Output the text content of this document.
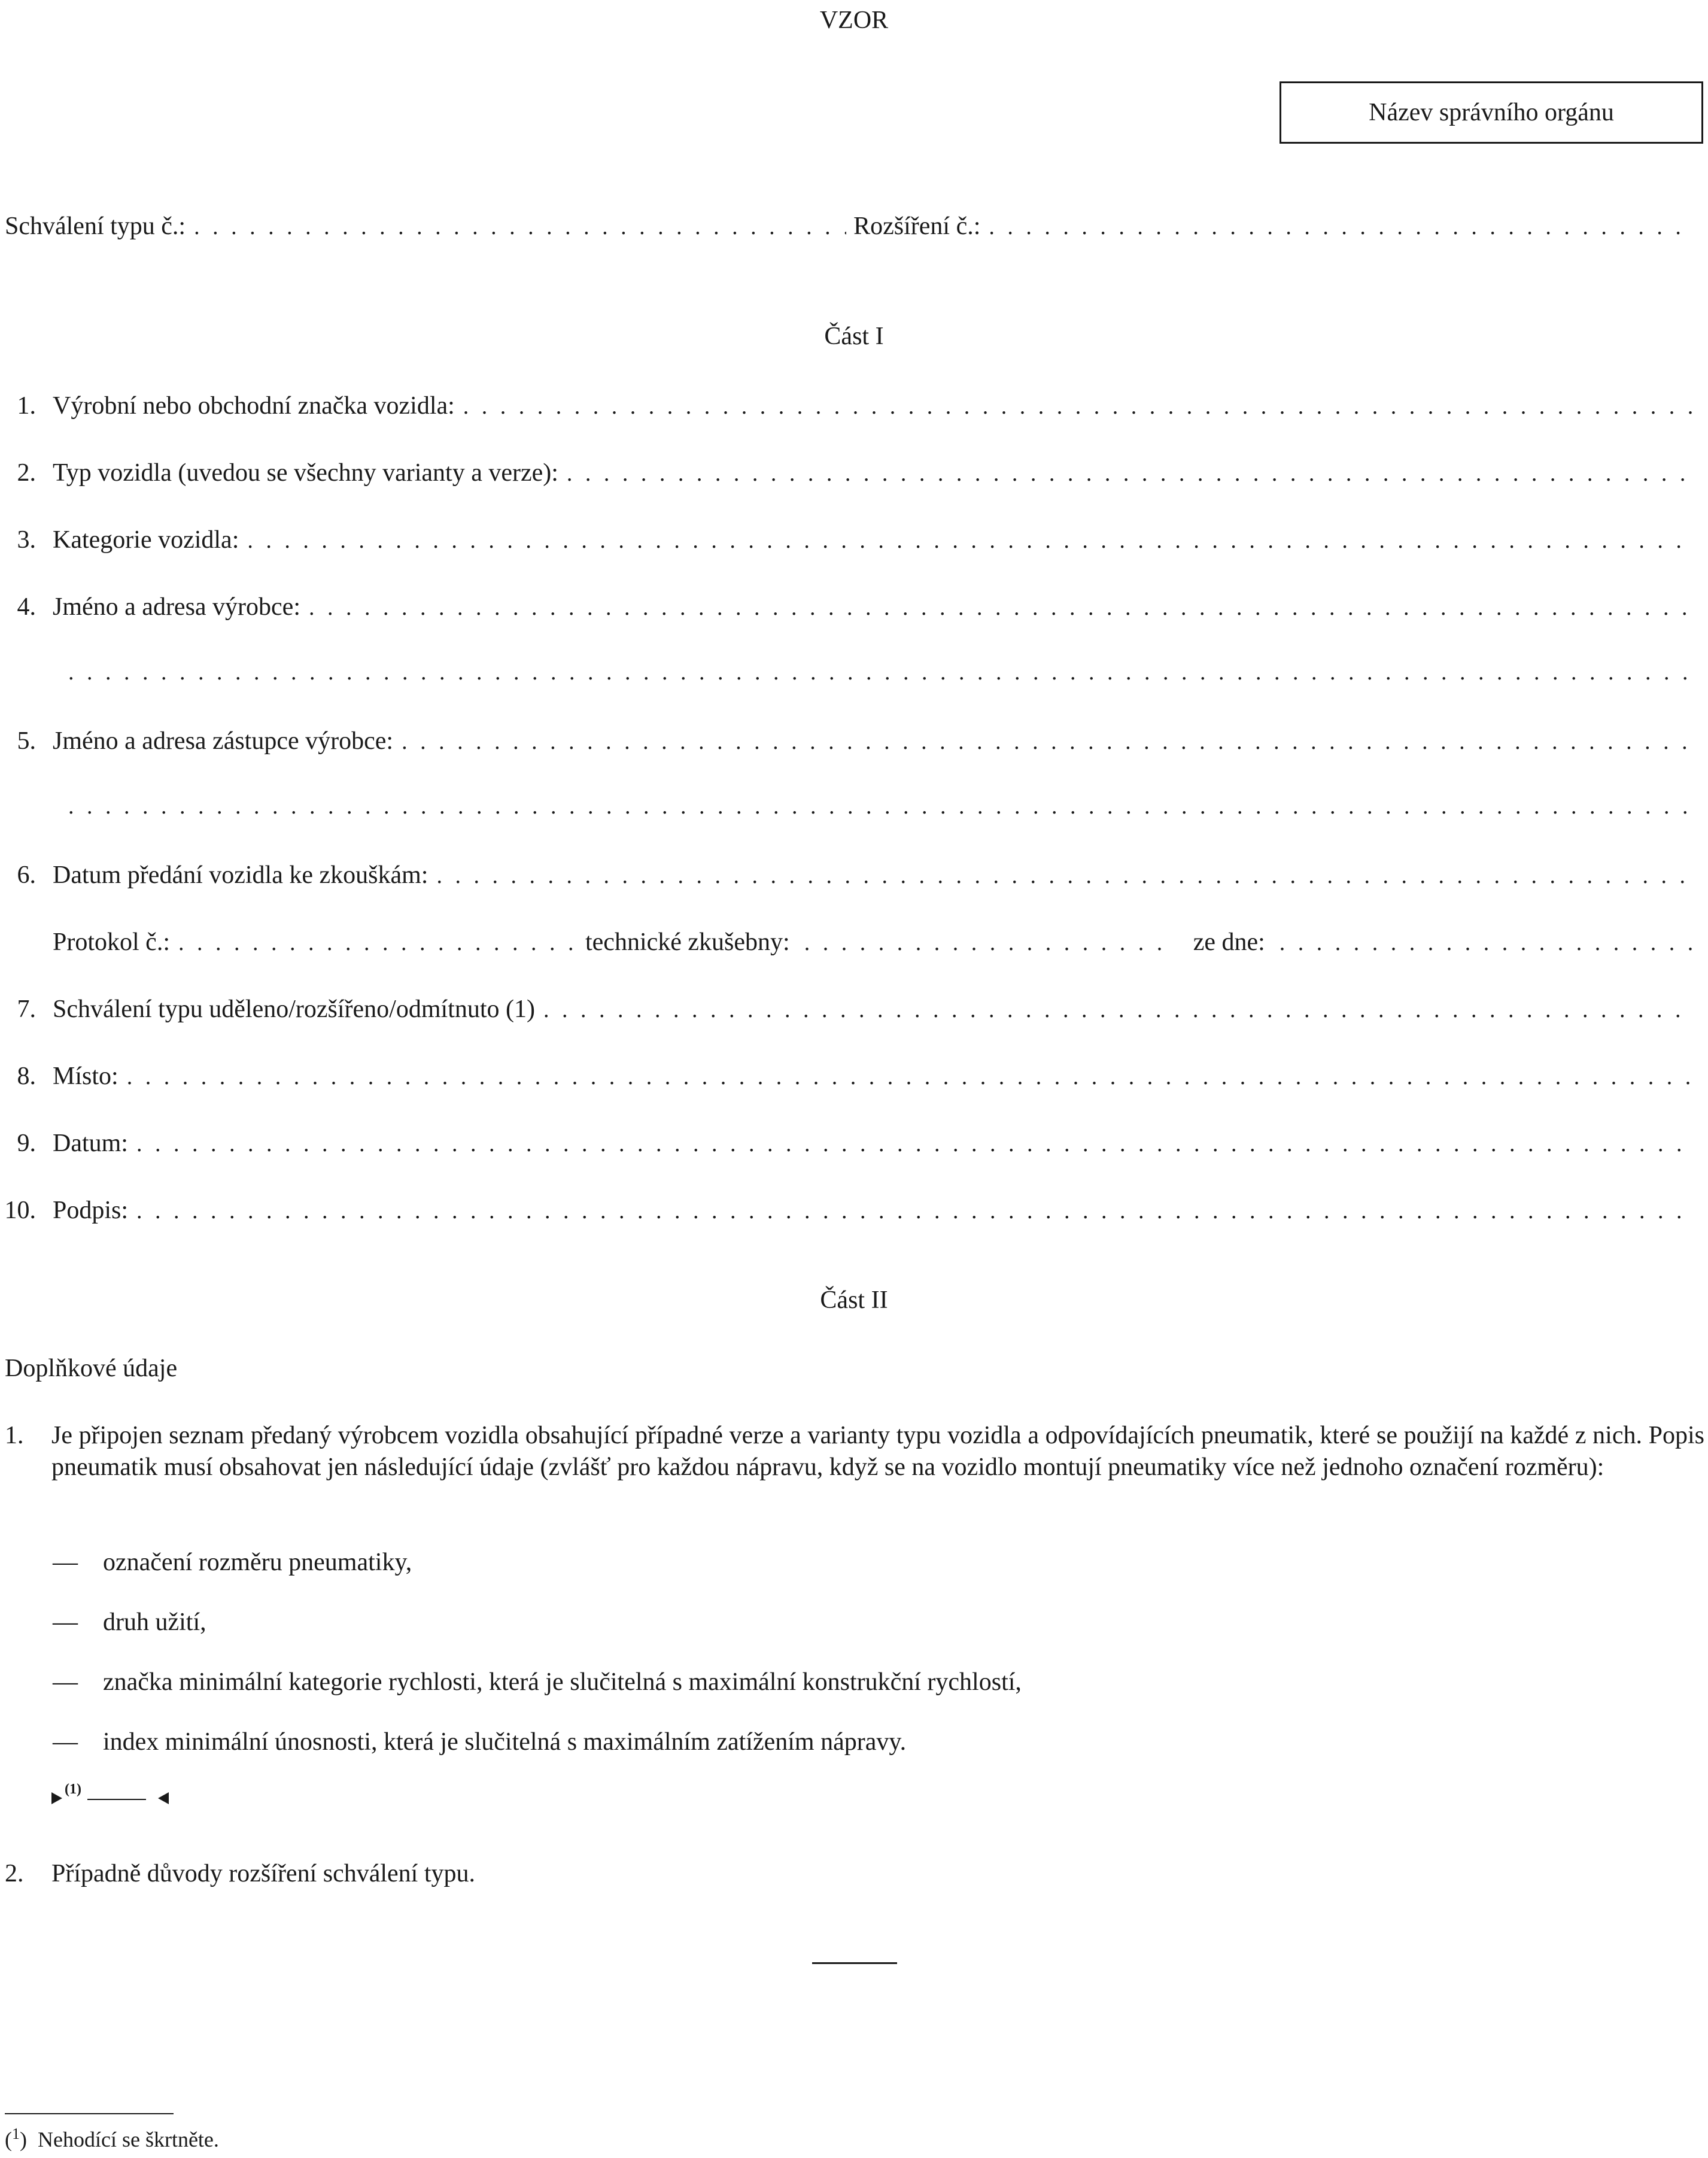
VZOR
Název správního orgánu
Schválení typu č.: . . .	Rozšíření č.:
. . .
Část I
1. Výrobní nebo obchodní značka vozidla:
. . .
2. Typ vozidla (uvedou se všechny varianty a verze):
. . .
3. Kategorie vozidla:
. . .
4. Jméno a adresa výrobce:
. . .
. . .
5. Jméno a adresa zástupce výrobce:
. . .
. . .
6. Datum předání vozidla ke zkouškám:
. . .
Protokol č.: . . .	technické zkušebny: . . .	ze dne:
. . .
7. Schválení typu uděleno/rozšířeno/odmítnuto (1)
. . .
8. Místo:
. . .
9. Datum:
. . .
10. Podpis:
. . .
Část II
Doplňkové údaje
1. Je připojen seznam předaný výrobcem vozidla obsahující případné verze a varianty typu vozidla a odpovídajících pneumatik, které se použijí na každé z nich. Popis pneumatik musí obsahovat jen následující údaje (zvlášť pro každou nápravu, když se na vozidlo montují pneumatiky více než jednoho označení rozměru):
—	označení rozměru pneumatiky,
—	druh užití,
—	značka minimální kategorie rychlosti, která je slučitelná s maximální konstrukční rychlostí,
—	index minimální únosnosti, která je slučitelná s maximálním zatížením nápravy.
(1)
2. Případně důvody rozšíření schválení typu.
($^1$)  Nehodící se škrtněte.
